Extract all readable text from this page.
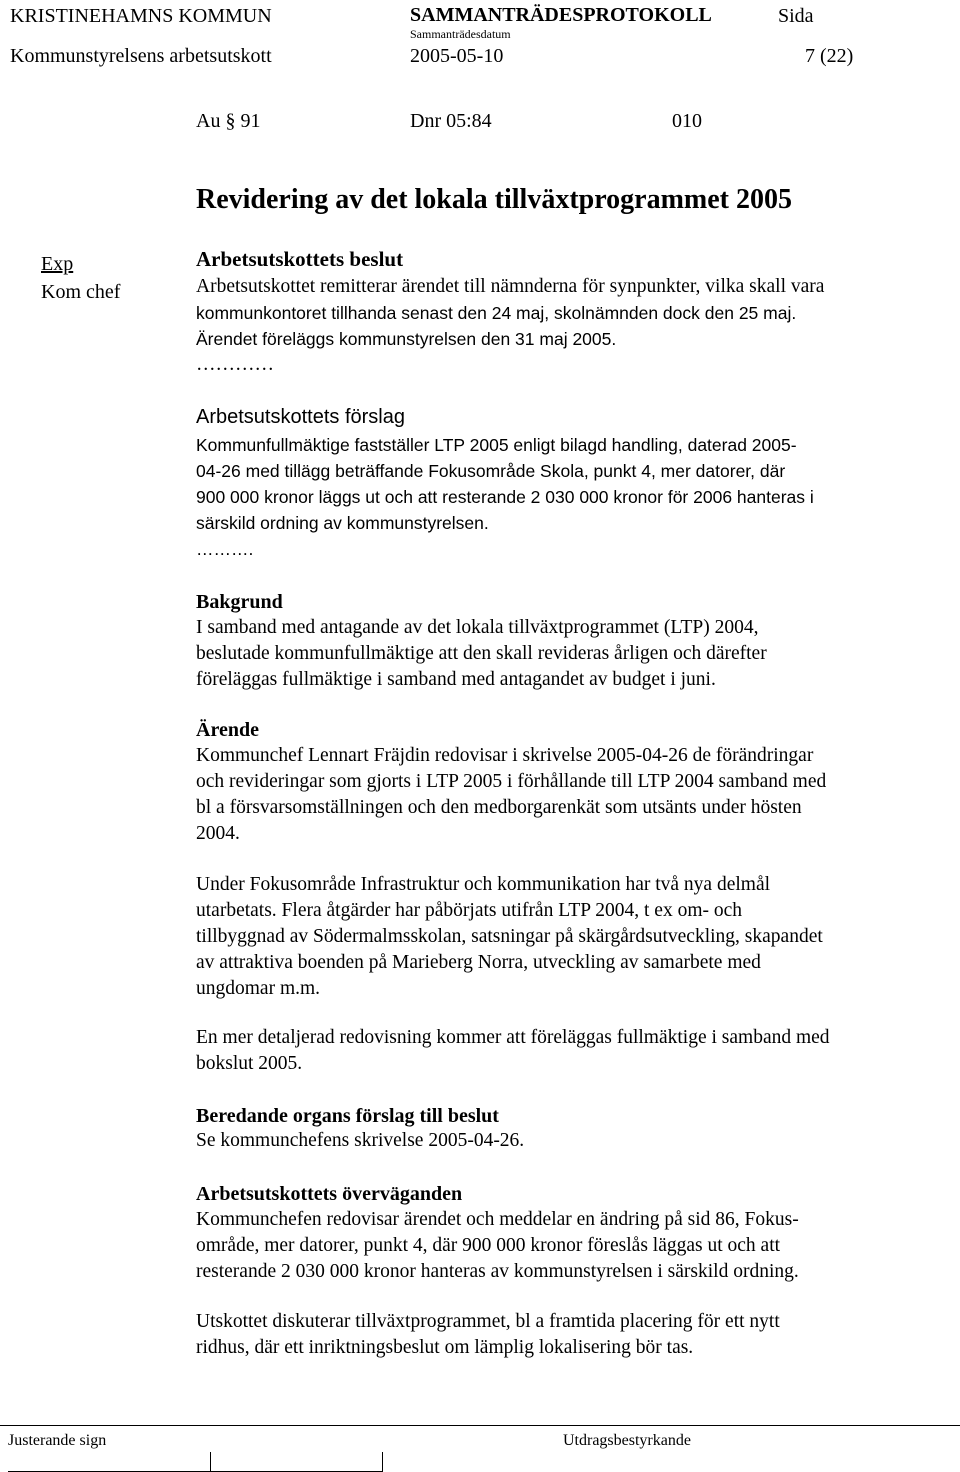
KRISTINEHAMNS KOMMUN	SAMMANTRÄDESPROTOKOLL	Sida
Sammanträdesdatum
Kommunstyrelsens arbetsutskott	2005-05-10	7 (22)
Au § 91	Dnr 05:84	010
Revidering av det lokala tillväxtprogrammet 2005
Exp
Kom chef
Arbetsutskottets beslut
Arbetsutskottet remitterar ärendet till nämnderna för synpunkter, vilka skall vara
kommunkontoret tillhanda senast den 24 maj, skolnämnden dock den 25 maj.
Ärendet föreläggs kommunstyrelsen den 31 maj 2005.
…………
Arbetsutskottets förslag
Kommunfullmäktige fastställer LTP 2005 enligt bilagd handling, daterad 2005-
04-26 med tillägg beträffande Fokusområde Skola, punkt 4, mer datorer, där
900 000 kronor läggs ut och att resterande 2 030 000 kronor för 2006 hanteras i
särskild ordning av kommunstyrelsen.
……….
Bakgrund
I samband med antagande av det lokala tillväxtprogrammet (LTP) 2004,
beslutade kommunfullmäktige att den skall revideras årligen och därefter
föreläggas fullmäktige i samband med antagandet av budget i juni.
Ärende
Kommunchef Lennart Fräjdin redovisar i skrivelse 2005-04-26 de förändringar
och revideringar som gjorts i LTP 2005 i förhållande till LTP 2004 samband med
bl a försvarsomställningen och den medborgarenkät som utsänts under hösten
2004.
Under Fokusområde Infrastruktur och kommunikation har två nya delmål
utarbetats. Flera åtgärder har påbörjats utifrån LTP 2004, t ex om- och
tillbyggnad av Södermalmsskolan, satsningar på skärgårdsutveckling, skapandet
av attraktiva boenden på Marieberg Norra, utveckling av samarbete med
ungdomar m.m.
En mer detaljerad redovisning kommer att föreläggas fullmäktige i samband med
bokslut 2005.
Beredande organs förslag till beslut
Se kommunchefens skrivelse 2005-04-26.
Arbetsutskottets överväganden
Kommunchefen redovisar ärendet och meddelar en ändring på sid 86, Fokus-
område, mer datorer, punkt 4, där 900 000 kronor föreslås läggas ut och att
resterande 2 030 000 kronor hanteras av kommunstyrelsen i särskild ordning.
Utskottet diskuterar tillväxtprogrammet, bl a framtida placering för ett nytt
ridhus, där ett inriktningsbeslut om lämplig lokalisering bör tas.
Justerande sign	Utdragsbestyrkande
